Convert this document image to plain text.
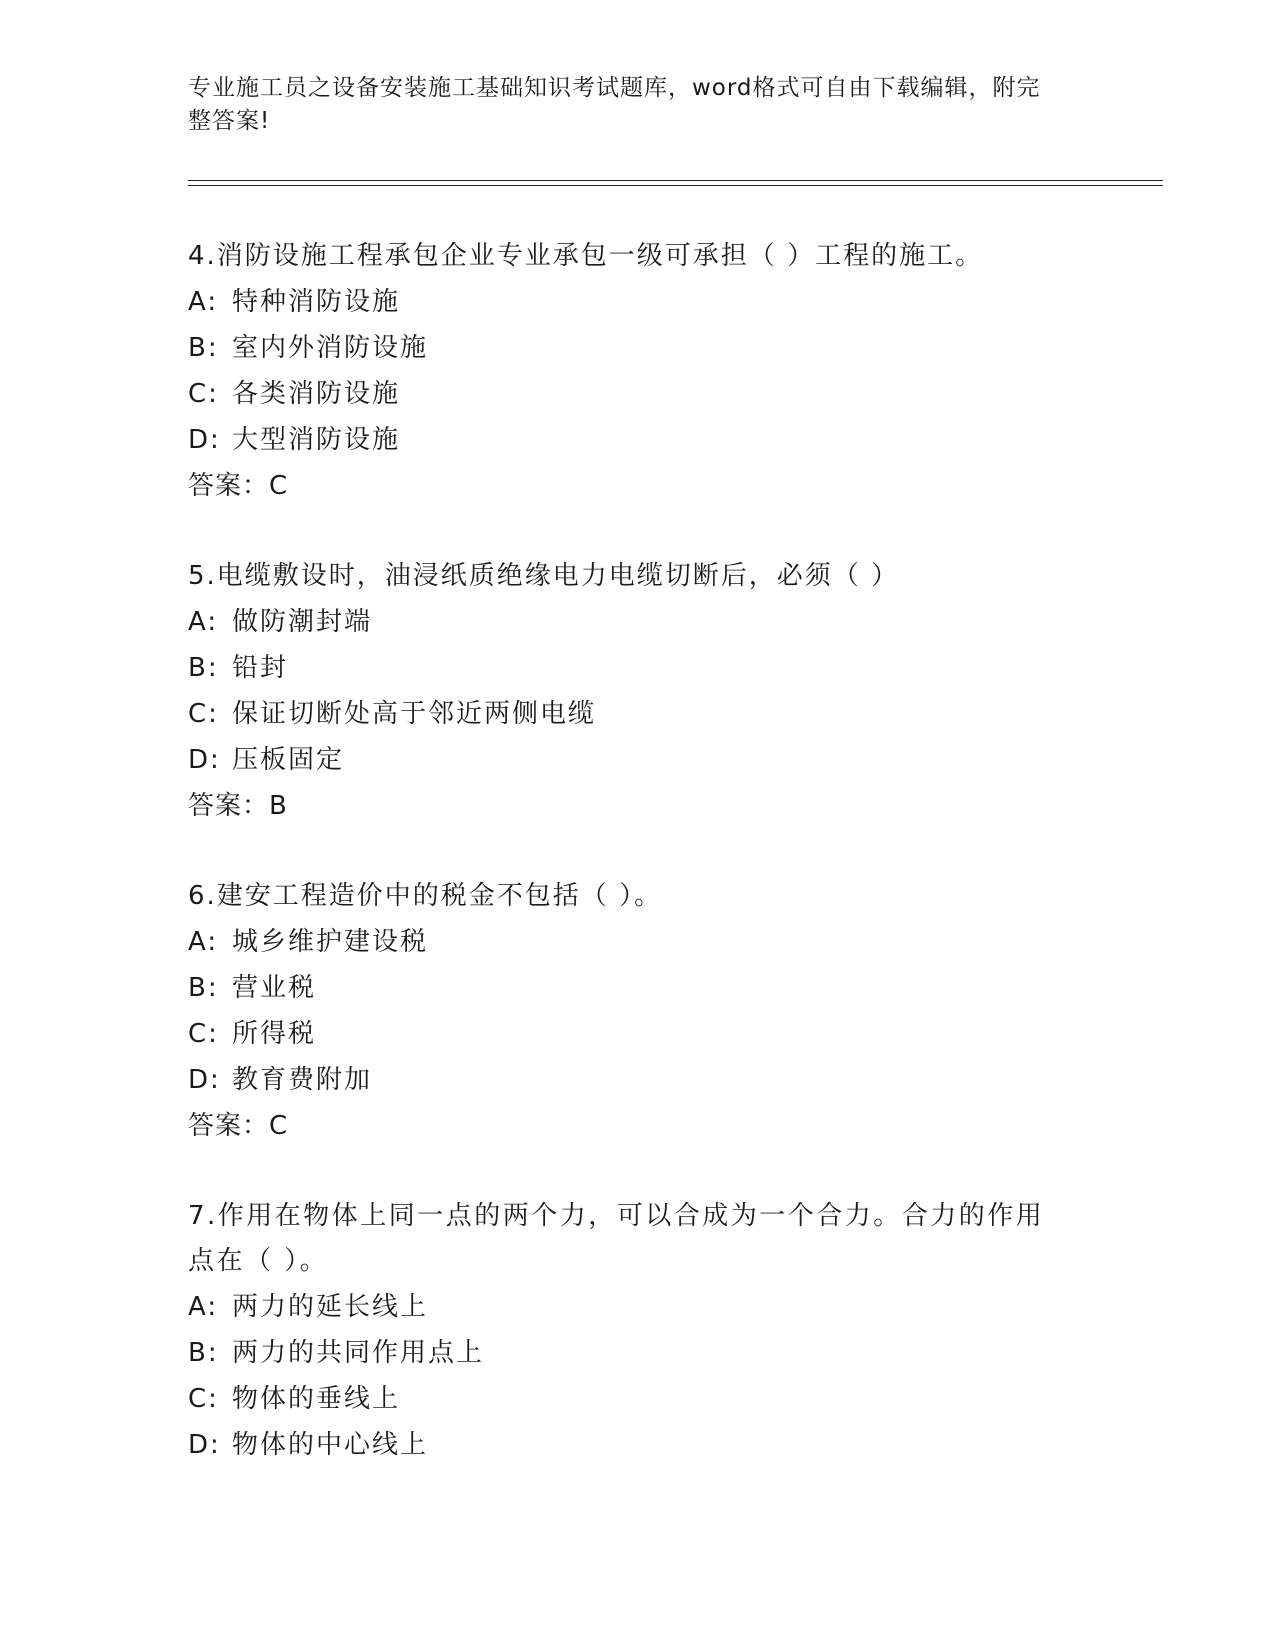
专业施工员之设备安装施工基础知识考试题库，word格式可自由下载编辑，附完
整答案!
4.消防设施工程承包企业专业承包一级可承担（ ）工程的施工。
A: 特种消防设施
B: 室内外消防设施
C: 各类消防设施
D: 大型消防设施
答案：C
5.电缆敷设时，油浸纸质绝缘电力电缆切断后，必须（ ）
A: 做防潮封端
B: 铅封
C: 保证切断处高于邻近两侧电缆
D: 压板固定
答案：B
6.建安工程造价中的税金不包括（ ）。
A: 城乡维护建设税
B: 营业税
C: 所得税
D: 教育费附加
答案：C
7.作用在物体上同一点的两个力，可以合成为一个合力。合力的作用点在（ ）。
A: 两力的延长线上
B: 两力的共同作用点上
C: 物体的垂线上
D: 物体的中心线上
